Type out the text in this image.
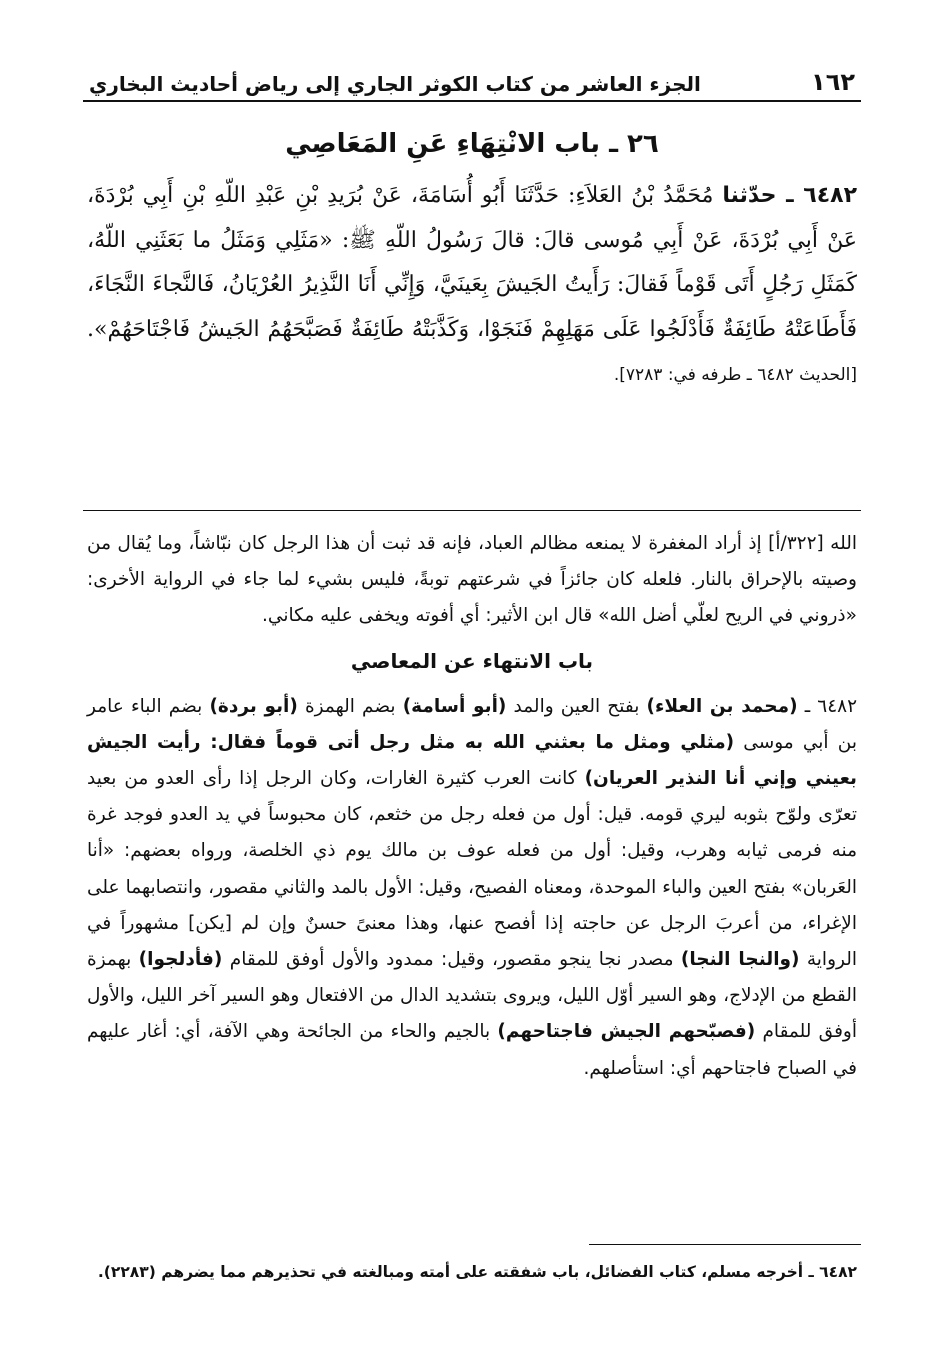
١٦٢
الجزء العاشر من كتاب الكوثر الجاري إلى رياض أحاديث البخاري
٢٦ ـ باب الانْتِهَاءِ عَنِ المَعَاصِي
٦٤٨٢ ـ حدّثنا مُحَمَّدُ بْنُ العَلاَءِ: حَدَّثَنَا أَبُو أُسَامَةَ، عَنْ بُرَيدِ بْنِ عَبْدِ اللّهِ بْنِ أَبِي بُرْدَةَ، عَنْ أَبِي بُرْدَةَ، عَنْ أَبِي مُوسى قالَ: قالَ رَسُولُ اللّهِ ﷺ: «مَثَلِي وَمَثَلُ ما بَعَثَنِي اللّهُ، كَمَثَلِ رَجُلٍ أَتَى قَوْماً فَقالَ: رَأَيتُ الجَيشَ بِعَينَيَّ، وَإِنِّي أَنَا النَّذِيرُ العُرْيَانُ، فَالنَّجاءَ النَّجَاءَ، فَأَطَاعَتْهُ طَائِفَةٌ فَأَدْلَجُوا عَلَى مَهَلِهِمْ فَنَجَوْا، وَكَذَّبَتْهُ طَائِفَةٌ فَصَبَّحَهُمُ الجَيشُ فَاجْتَاحَهُمْ». [الحديث ٦٤٨٢ ـ طرفه في: ٧٢٨٣].

الله [٣٢٢/أ] إذ أراد المغفرة لا يمنعه مظالم العباد، فإنه قد ثبت أن هذا الرجل كان نبّاشاً، وما يُقال من وصيته بالإحراق بالنار. فلعله كان جائزاً في شرعتهم توبةً، فليس بشيء لما جاء في الرواية الأخرى: «ذروني في الريح لعلّي أضل الله» قال ابن الأثير: أي أفوته ويخفى عليه مكاني.

باب الانتهاء عن المعاصي

٦٤٨٢ ـ (محمد بن العلاء) بفتح العين والمد (أبو أسامة) بضم الهمزة (أبو بردة) بضم الباء عامر بن أبي موسى (مثلي ومثل ما بعثني الله به مثل رجل أتى قوماً فقال: رأيت الجيش بعيني وإني أنا النذير العريان) كانت العرب كثيرة الغارات، وكان الرجل إذا رأى العدو من بعيد تعرّى ولوّح بثوبه ليري قومه. قيل: أول من فعله رجل من خثعم، كان محبوساً في يد العدو فوجد غرة منه فرمى ثيابه وهرب، وقيل: أول من فعله عوف بن مالك يوم ذي الخلصة، ورواه بعضهم: «أنا العَربان» بفتح العين والباء الموحدة، ومعناه الفصيح، وقيل: الأول بالمد والثاني مقصور، وانتصابهما على الإغراء، من أعربَ الرجل عن حاجته إذا أفصح عنها، وهذا معنىً حسنٌ وإن لم [يكن] مشهوراً في الرواية (والنجا النجا) مصدر نجا ينجو مقصور، وقيل: ممدود والأول أوفق للمقام (فأدلجوا) بهمزة القطع من الإدلاج، وهو السير أوّل الليل، ويروى بتشديد الدال من الافتعال وهو السير آخر الليل، والأول أوفق للمقام (فصبّحهم الجيش فاجتاحهم) بالجيم والحاء من الجائحة وهي الآفة، أي: أغار عليهم في الصباح فاجتاحهم أي: استأصلهم.

٦٤٨٢ ـ أخرجه مسلم، كتاب الفضائل، باب شفقته على أمته ومبالغته في تحذيرهم مما يضرهم (٢٢٨٣).
